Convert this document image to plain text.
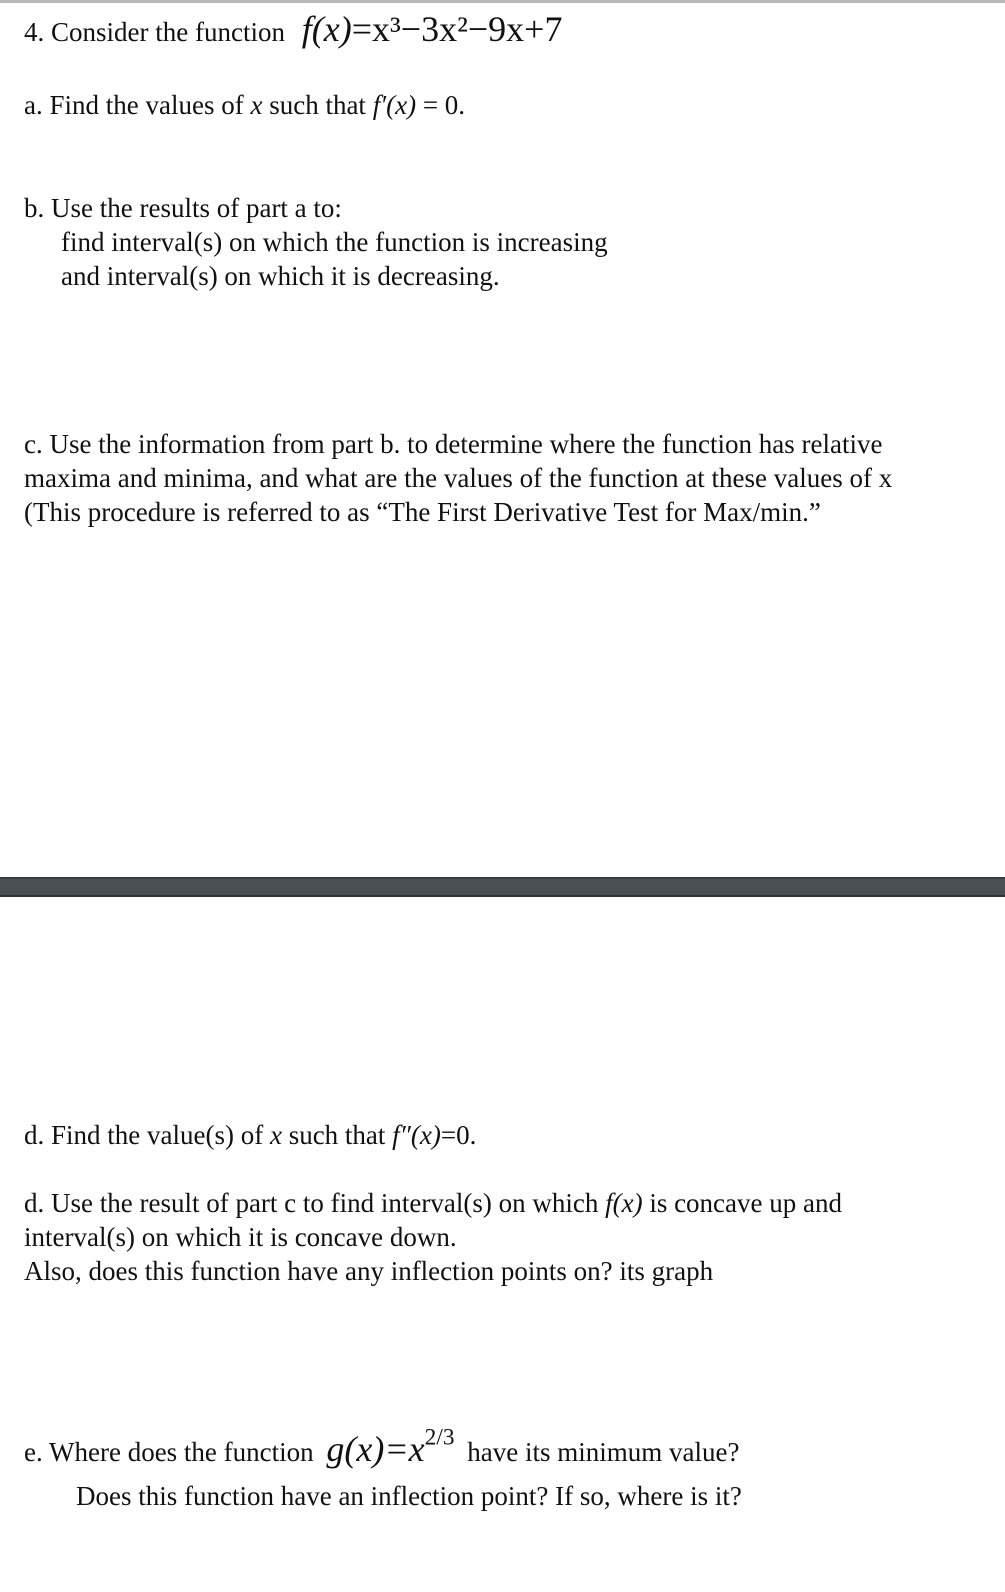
4. Consider the function f(x)=x³−3x²−9x+7
a. Find the values of x such that f′(x) = 0.
b. Use the results of part a to:
find interval(s) on which the function is increasing
and interval(s) on which it is decreasing.
c. Use the information from part b. to determine where the function has relative
maxima and minima, and what are the values of the function at these values of x
(This procedure is referred to as “The First Derivative Test for Max/min.”
d. Find the value(s) of x such that f″(x)=0.
d. Use the result of part c to find interval(s) on which f(x) is concave up and
interval(s) on which it is concave down.
Also, does this function have any inflection points on? its graph
e. Where does the function $g(x)=x^{2/3}$ have its minimum value?
Does this function have an inflection point? If so, where is it?
